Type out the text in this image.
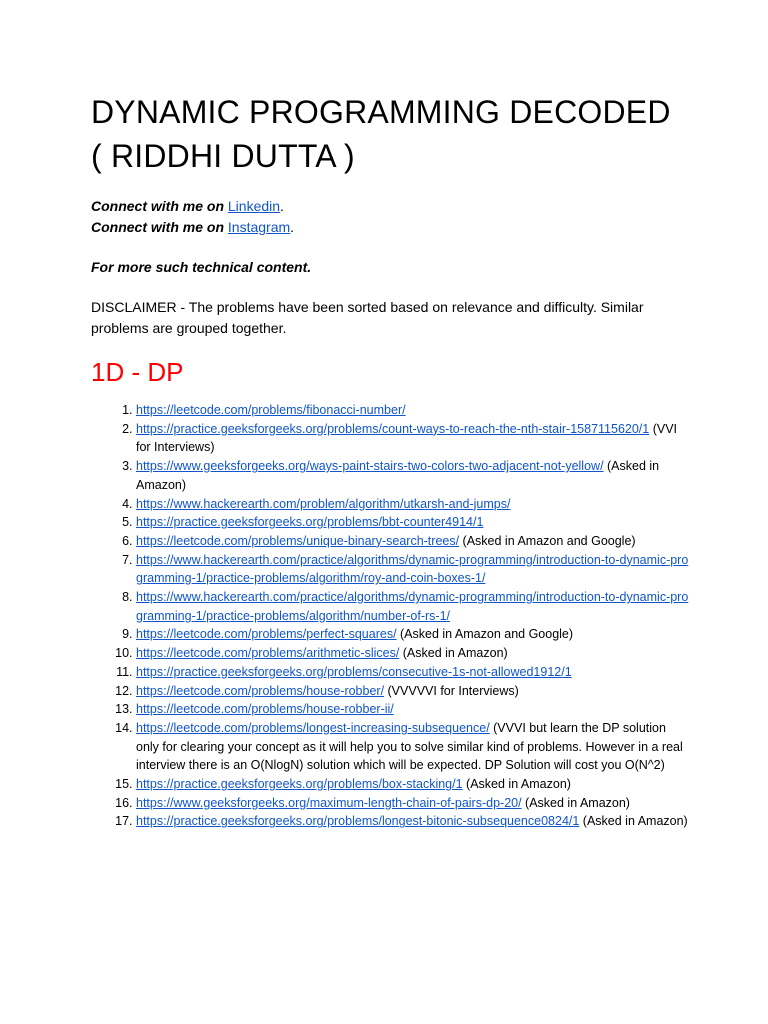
DYNAMIC PROGRAMMING DECODED
( RIDDHI DUTTA )
Connect with me on Linkedin.
Connect with me on Instagram.
For more such technical content.
DISCLAIMER - The problems have been sorted based on relevance and difficulty. Similar problems are grouped together.
1D - DP
1. https://leetcode.com/problems/fibonacci-number/
2. https://practice.geeksforgeeks.org/problems/count-ways-to-reach-the-nth-stair-1587115620/1 (VVI for Interviews)
3. https://www.geeksforgeeks.org/ways-paint-stairs-two-colors-two-adjacent-not-yellow/ (Asked in Amazon)
4. https://www.hackerearth.com/problem/algorithm/utkarsh-and-jumps/
5. https://practice.geeksforgeeks.org/problems/bbt-counter4914/1
6. https://leetcode.com/problems/unique-binary-search-trees/ (Asked in Amazon and Google)
7. https://www.hackerearth.com/practice/algorithms/dynamic-programming/introduction-to-dynamic-programming-1/practice-problems/algorithm/roy-and-coin-boxes-1/
8. https://www.hackerearth.com/practice/algorithms/dynamic-programming/introduction-to-dynamic-programming-1/practice-problems/algorithm/number-of-rs-1/
9. https://leetcode.com/problems/perfect-squares/ (Asked in Amazon and Google)
10. https://leetcode.com/problems/arithmetic-slices/ (Asked in Amazon)
11. https://practice.geeksforgeeks.org/problems/consecutive-1s-not-allowed1912/1
12. https://leetcode.com/problems/house-robber/ (VVVVVI for Interviews)
13. https://leetcode.com/problems/house-robber-ii/
14. https://leetcode.com/problems/longest-increasing-subsequence/ (VVVI but learn the DP solution only for clearing your concept as it will help you to solve similar kind of problems. However in a real interview there is an O(NlogN) solution which will be expected. DP Solution will cost you O(N^2)
15. https://practice.geeksforgeeks.org/problems/box-stacking/1 (Asked in Amazon)
16. https://www.geeksforgeeks.org/maximum-length-chain-of-pairs-dp-20/ (Asked in Amazon)
17. https://practice.geeksforgeeks.org/problems/longest-bitonic-subsequence0824/1 (Asked in Amazon)
